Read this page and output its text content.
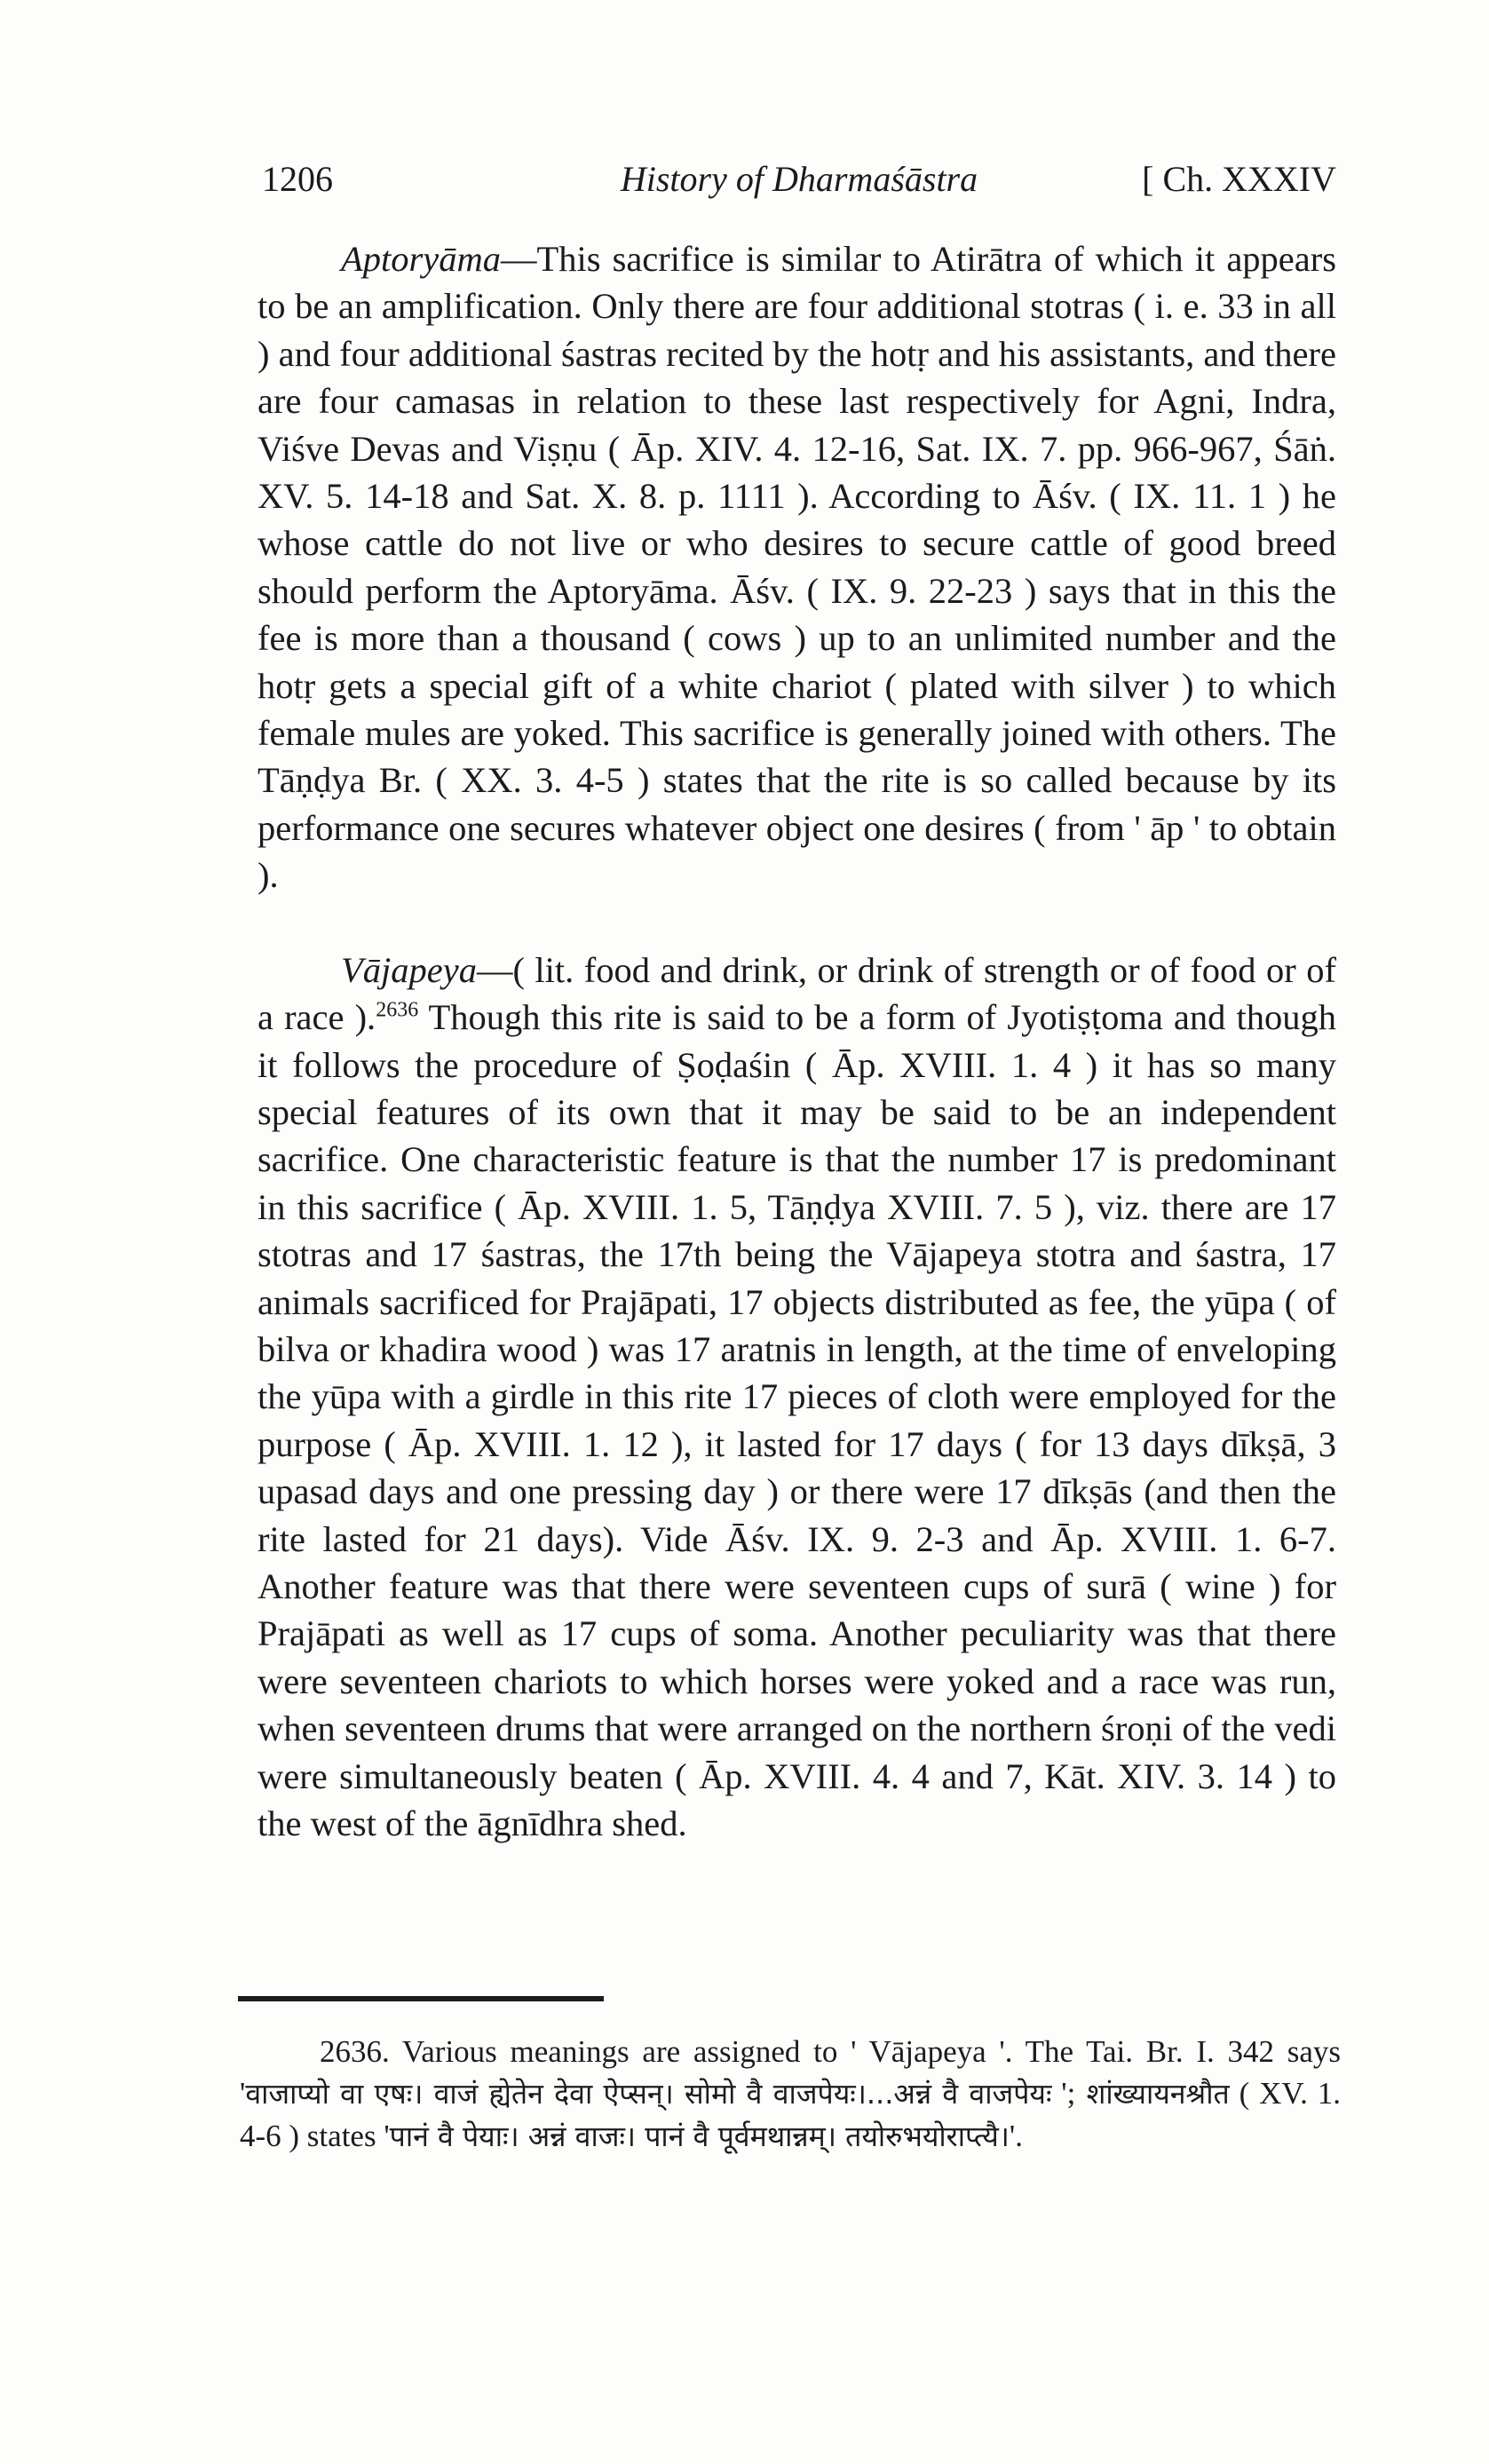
1206	History of Dharmaśāstra	[ Ch. XXXIV

Aptoryāma—This sacrifice is similar to Atirātra of which it appears to be an amplification. Only there are four additional stotras ( i. e. 33 in all ) and four additional śastras recited by the hotṛ and his assistants, and there are four camasas in relation to these last respectively for Agni, Indra, Viśve Devas and Viṣṇu ( Āp. XIV. 4. 12-16, Sat. IX. 7. pp. 966-967, Śāṅ. XV. 5. 14-18 and Sat. X. 8. p. 1111 ). According to Āśv. ( IX. 11. 1 ) he whose cattle do not live or who desires to secure cattle of good breed should perform the Aptoryāma. Āśv. ( IX. 9. 22-23 ) says that in this the fee is more than a thousand ( cows ) up to an unlimited number and the hotṛ gets a special gift of a white chariot ( plated with silver ) to which female mules are yoked. This sacrifice is generally joined with others. The Tāṇḍya Br. ( XX. 3. 4-5 ) states that the rite is so called because by its performance one secures whatever object one desires ( from ' āp ' to obtain ).

Vājapeya—( lit. food and drink, or drink of strength or of food or of a race ).$^{2636}$ Though this rite is said to be a form of Jyotiṣṭoma and though it follows the procedure of Ṣoḍaśin ( Āp. XVIII. 1. 4 ) it has so many special features of its own that it may be said to be an independent sacrifice. One characteristic feature is that the number 17 is predominant in this sacrifice ( Āp. XVIII. 1. 5, Tāṇḍya XVIII. 7. 5 ), viz. there are 17 stotras and 17 śastras, the 17th being the Vājapeya stotra and śastra, 17 animals sacrificed for Prajāpati, 17 objects distributed as fee, the yūpa ( of bilva or khadira wood ) was 17 aratnis in length, at the time of enveloping the yūpa with a girdle in this rite 17 pieces of cloth were employed for the purpose ( Āp. XVIII. 1. 12 ), it lasted for 17 days ( for 13 days dīkṣā, 3 upasad days and one pressing day ) or there were 17 dīkṣās (and then the rite lasted for 21 days). Vide Āśv. IX. 9. 2-3 and Āp. XVIII. 1. 6-7. Another feature was that there were seventeen cups of surā ( wine ) for Prajāpati as well as 17 cups of soma. Another peculiarity was that there were seventeen chariots to which horses were yoked and a race was run, when seventeen drums that were arranged on the northern śroṇi of the vedi were simultaneously beaten ( Āp. XVIII. 4. 4 and 7, Kāt. XIV. 3. 14 ) to the west of the āgnīdhra shed.

2636. Various meanings are assigned to ' Vājapeya '. The Tai. Br. I. 342 says 'वाजाप्यो वा एषः। वाजं ह्येतेन देवा ऐप्सन्। सोमो वै वाजपेयः।...अन्नं वै वाजपेयः '; शांख्यायनश्रौत ( XV. 1. 4-6 ) states 'पानं वै पेयाः। अन्नं वाजः। पानं वै पूर्वमथान्नम्। तयोरुभयोराप्त्यै।'.
